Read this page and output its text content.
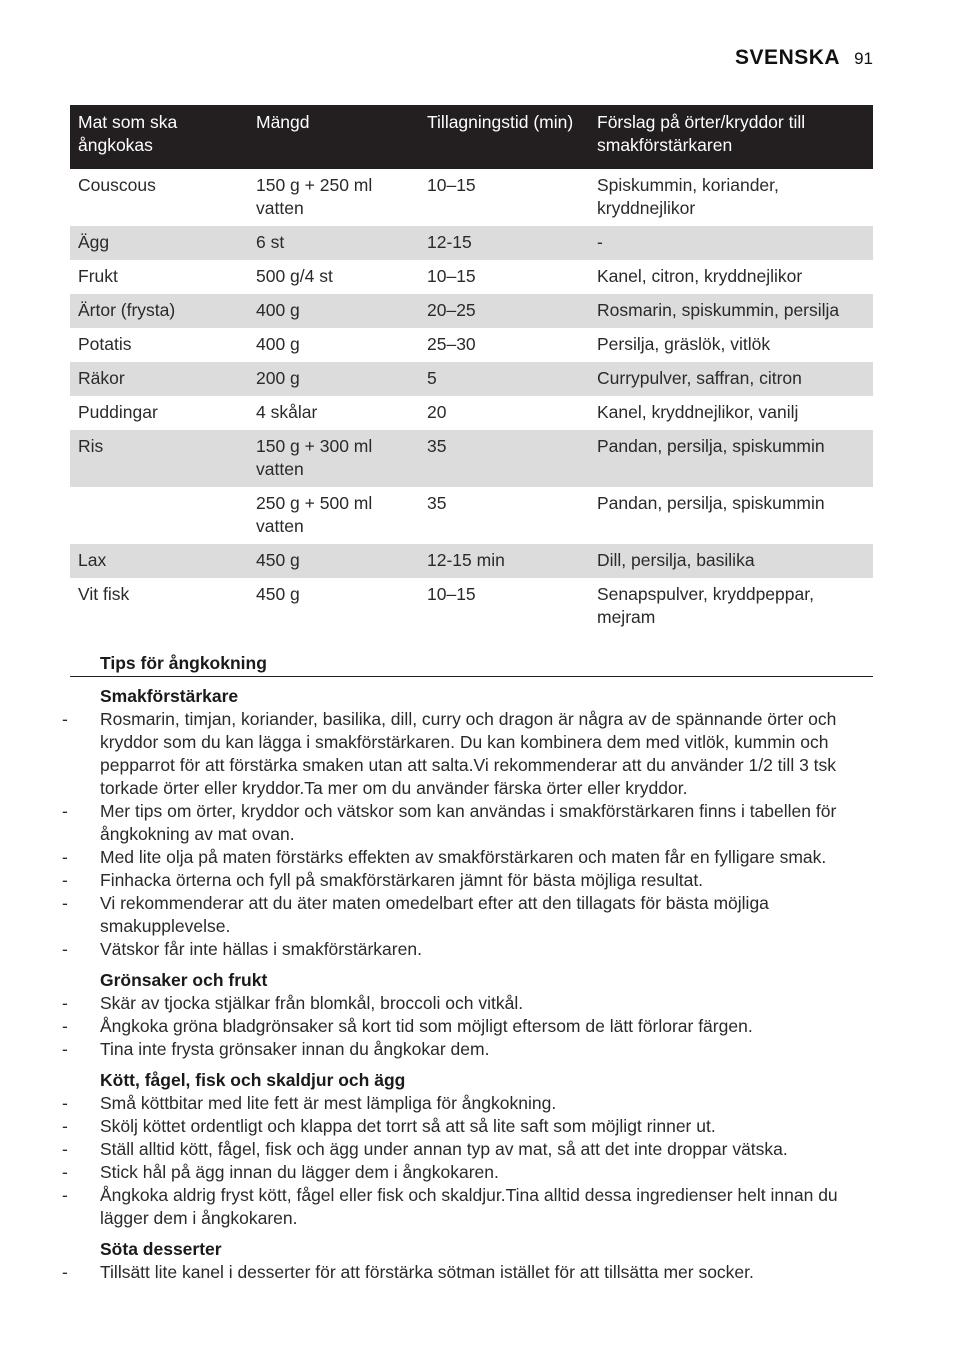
SVENSKA 91
Mat som ska ångkokas	Mängd	Tillagningstid (min)	Förslag på örter/kryddor till smakförstärkaren
Couscous	150 g + 250 ml vatten	10–15	Spiskummin, koriander, kryddnejlikor
Ägg	6 st	12-15	-
Frukt	500 g/4 st	10–15	Kanel, citron, kryddnejlikor
Ärtor (frysta)	400 g	20–25	Rosmarin, spiskummin, persilja
Potatis	400 g	25–30	Persilja, gräslök, vitlök
Räkor	200 g	5	Currypulver, saffran, citron
Puddingar	4 skålar	20	Kanel, kryddnejlikor, vanilj
Ris	150 g + 300 ml vatten	35	Pandan, persilja, spiskummin
	250 g + 500 ml vatten	35	Pandan, persilja, spiskummin
Lax	450 g	12-15 min	Dill, persilja, basilika
Vit fisk	450 g	10–15	Senapspulver, kryddpeppar, mejram
Tips för ångkokning
Smakförstärkare
- Rosmarin, timjan, koriander, basilika, dill, curry och dragon är några av de spännande örter och kryddor som du kan lägga i smakförstärkaren. Du kan kombinera dem med vitlök, kummin och pepparrot för att förstärka smaken utan att salta.Vi rekommenderar att du använder 1/2 till 3 tsk torkade örter eller kryddor.Ta mer om du använder färska örter eller kryddor.
- Mer tips om örter, kryddor och vätskor som kan användas i smakförstärkaren finns i tabellen för ångkokning av mat ovan.
- Med lite olja på maten förstärks effekten av smakförstärkaren och maten får en fylligare smak.
- Finhacka örterna och fyll på smakförstärkaren jämnt för bästa möjliga resultat.
- Vi rekommenderar att du äter maten omedelbart efter att den tillagats för bästa möjliga smakupplevelse.
- Vätskor får inte hällas i smakförstärkaren.
Grönsaker och frukt
- Skär av tjocka stjälkar från blomkål, broccoli och vitkål.
- Ångkoka gröna bladgrönsaker så kort tid som möjligt eftersom de lätt förlorar färgen.
- Tina inte frysta grönsaker innan du ångkokar dem.
Kött, fågel, fisk och skaldjur och ägg
- Små köttbitar med lite fett är mest lämpliga för ångkokning.
- Skölj köttet ordentligt och klappa det torrt så att så lite saft som möjligt rinner ut.
- Ställ alltid kött, fågel, fisk och ägg under annan typ av mat, så att det inte droppar vätska.
- Stick hål på ägg innan du lägger dem i ångkokaren.
- Ångkoka aldrig fryst kött, fågel eller fisk och skaldjur.Tina alltid dessa ingredienser helt innan du lägger dem i ångkokaren.
Söta desserter
- Tillsätt lite kanel i desserter för att förstärka sötman istället för att tillsätta mer socker.
